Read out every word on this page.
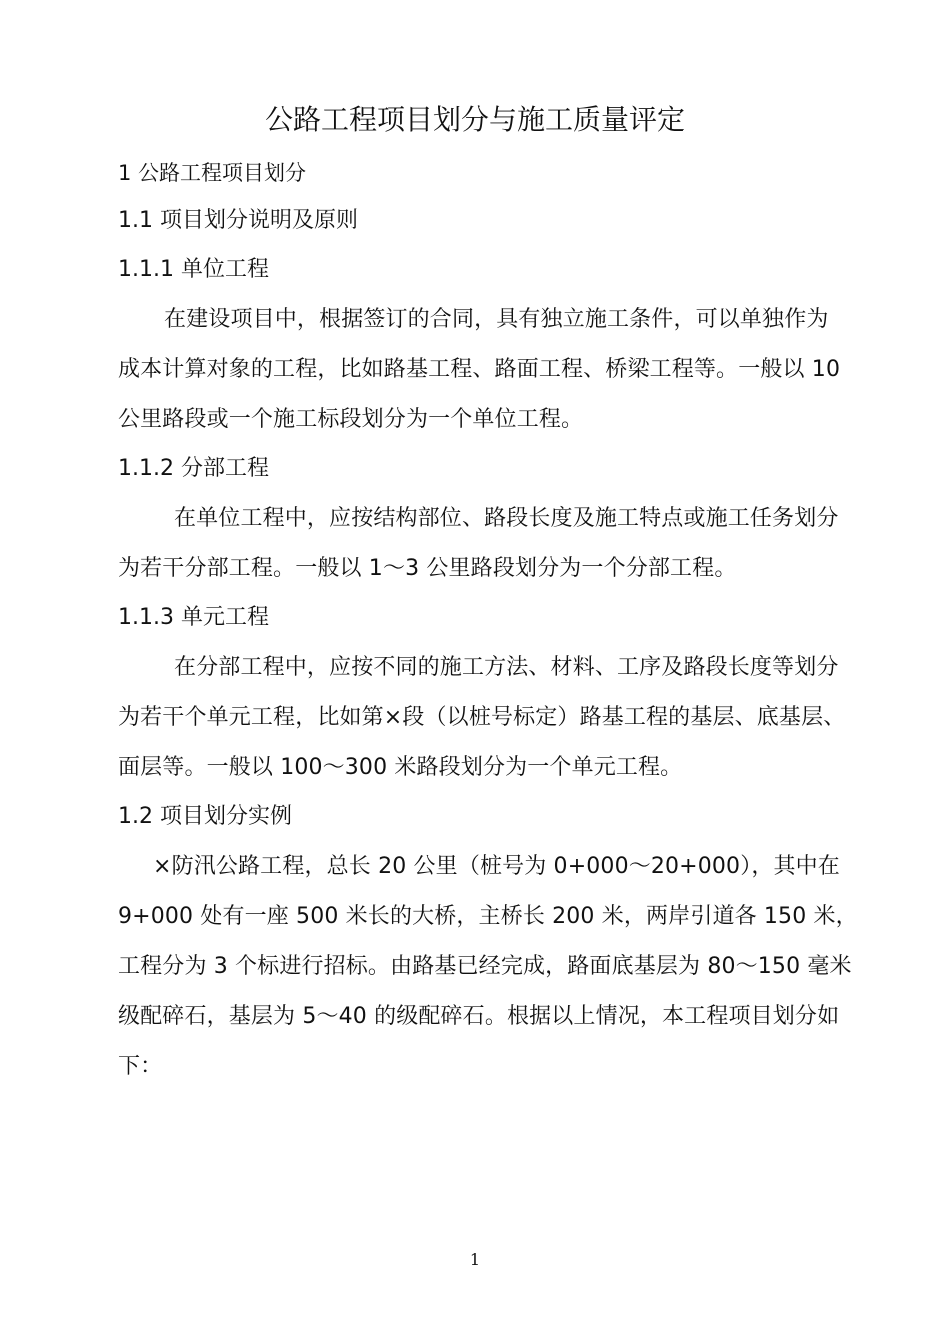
公路工程项目划分与施工质量评定
1 公路工程项目划分
1.1 项目划分说明及原则
1.1.1 单位工程
在建设项目中，根据签订的合同，具有独立施工条件，可以单独作为
成本计算对象的工程，比如路基工程、路面工程、桥梁工程等。一般以 10
公里路段或一个施工标段划分为一个单位工程。
1.1.2 分部工程
在单位工程中，应按结构部位、路段长度及施工特点或施工任务划分
为若干分部工程。一般以 1～3 公里路段划分为一个分部工程。
1.1.3 单元工程
在分部工程中，应按不同的施工方法、材料、工序及路段长度等划分
为若干个单元工程，比如第×段（以桩号标定）路基工程的基层、底基层、
面层等。一般以 100～300 米路段划分为一个单元工程。
1.2 项目划分实例
×防汛公路工程，总长 20 公里（桩号为 0+000～20+000），其中在
9+000 处有一座 500 米长的大桥，主桥长 200 米，两岸引道各 150 米，
工程分为 3 个标进行招标。由路基已经完成，路面底基层为 80～150 毫米
级配碎石，基层为 5～40 的级配碎石。根据以上情况，本工程项目划分如
下：
1
